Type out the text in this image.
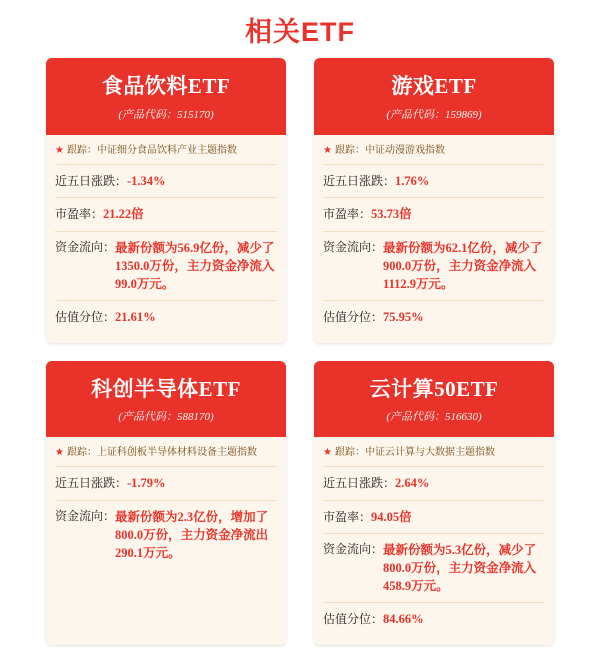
相关ETF
食品饮料ETF
(产品代码：515170)
★ 跟踪： 中证细分食品饮料产业主题指数
近五日涨跌： -1.34%
市盈率： 21.22倍
资金流向： 最新份额为56.9亿份，减少了1350.0万份，主力资金净流入99.0万元。
估值分位： 21.61%
游戏ETF
(产品代码：159869)
★ 跟踪： 中证动漫游戏指数
近五日涨跌： 1.76%
市盈率： 53.73倍
资金流向： 最新份额为62.1亿份，减少了900.0万份，主力资金净流入1112.9万元。
估值分位： 75.95%
科创半导体ETF
(产品代码：588170)
★ 跟踪： 上证科创板半导体材料设备主题指数
近五日涨跌： -1.79%
资金流向： 最新份额为2.3亿份，增加了800.0万份，主力资金净流出290.1万元。
云计算50ETF
(产品代码：516630)
★ 跟踪： 中证云计算与大数据主题指数
近五日涨跌： 2.64%
市盈率： 94.05倍
资金流向： 最新份额为5.3亿份，减少了800.0万份，主力资金净流入458.9万元。
估值分位： 84.66%
